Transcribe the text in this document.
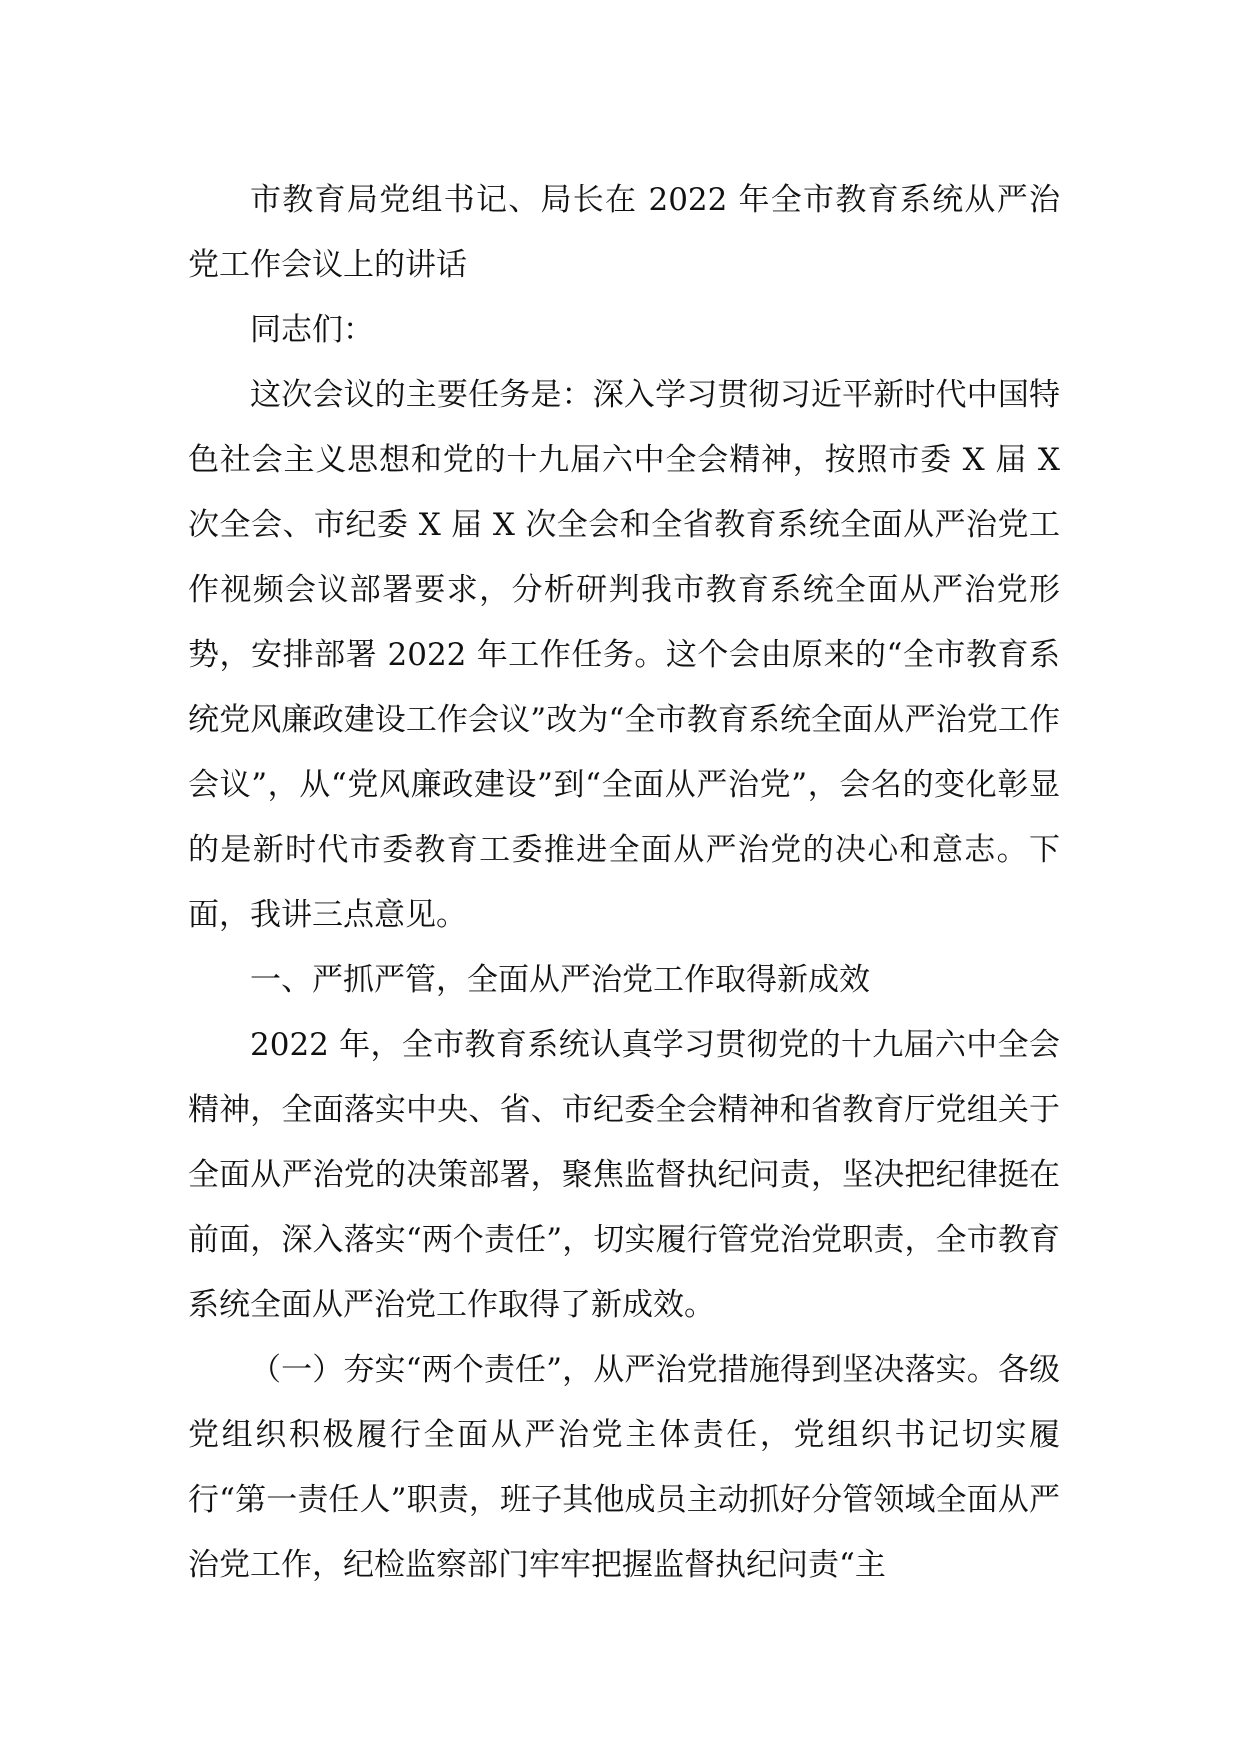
市教育局党组书记、局长在 2022 年全市教育系统从严治党工作会议上的讲话

同志们：

这次会议的主要任务是：深入学习贯彻习近平新时代中国特色社会主义思想和党的十九届六中全会精神，按照市委 X 届 X 次全会、市纪委 X 届 X 次全会和全省教育系统全面从严治党工作视频会议部署要求，分析研判我市教育系统全面从严治党形势，安排部署 2022 年工作任务。这个会由原来的“全市教育系统党风廉政建设工作会议”改为“全市教育系统全面从严治党工作会议”，从“党风廉政建设”到“全面从严治党”，会名的变化彰显的是新时代市委教育工委推进全面从严治党的决心和意志。下面，我讲三点意见。

一、严抓严管，全面从严治党工作取得新成效

2022 年，全市教育系统认真学习贯彻党的十九届六中全会精神，全面落实中央、省、市纪委全会精神和省教育厅党组关于全面从严治党的决策部署，聚焦监督执纪问责，坚决把纪律挺在前面，深入落实“两个责任”，切实履行管党治党职责，全市教育系统全面从严治党工作取得了新成效。

（一）夯实“两个责任”，从严治党措施得到坚决落实。各级党组织积极履行全面从严治党主体责任，党组织书记切实履行“第一责任人”职责，班子其他成员主动抓好分管领域全面从严治党工作，纪检监察部门牢牢把握监督执纪问责“主
